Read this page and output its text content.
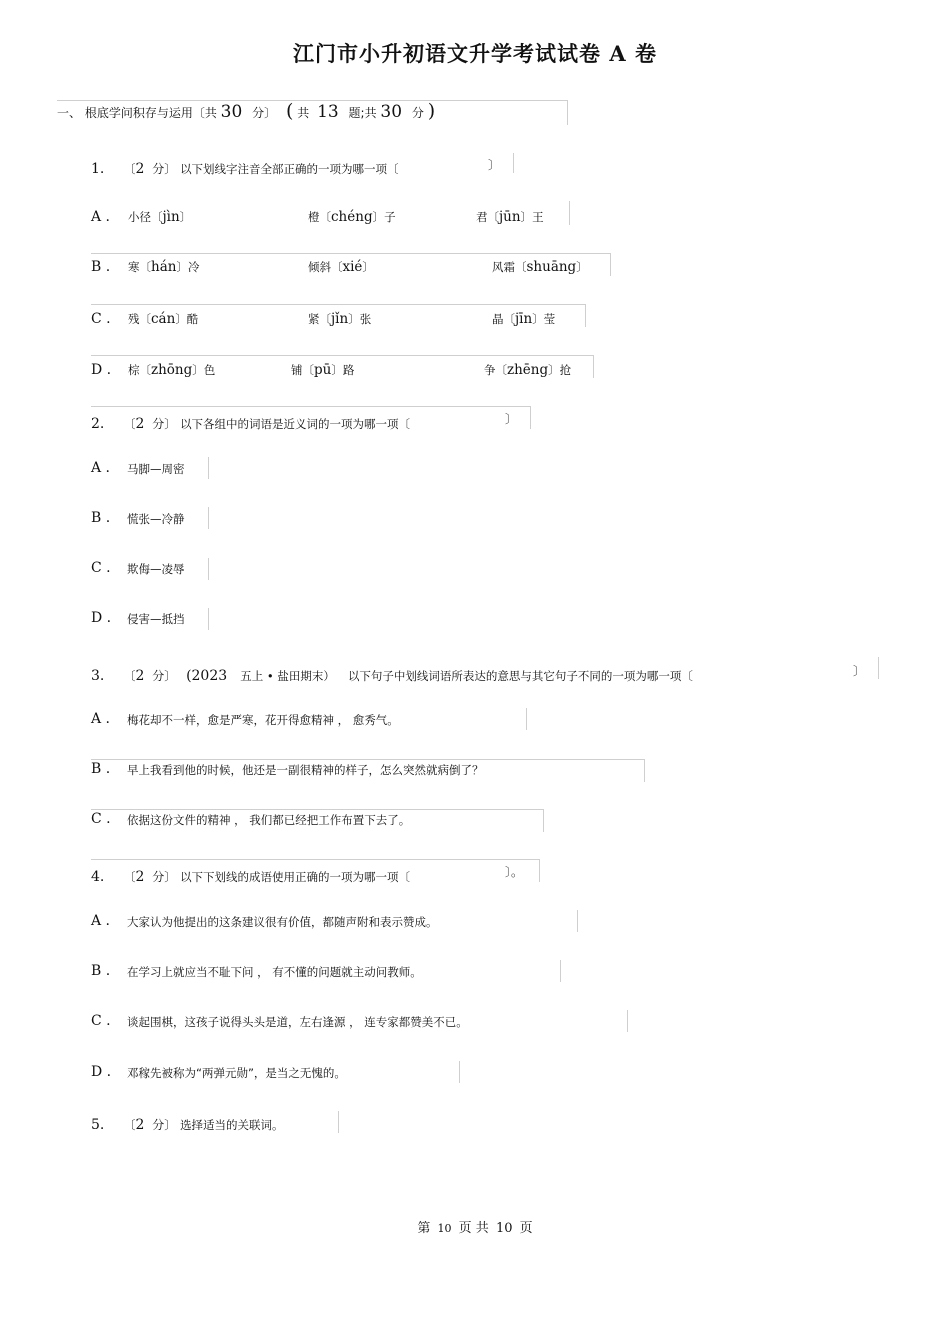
江门市小升初语文升学考试试卷 A 卷
一、 根底学问积存与运用〔共 30 分〕 ( 共 13 题;共 30 分 )
1. 〔2 分〕 以下划线字注音全部正确的一项为哪一项〔	〕
A . 小径〔jìn〕	橙〔chéng〕子	君〔jūn〕王
B . 寒〔hán〕冷	倾斜〔xié〕	风霜〔shuāng〕
C . 残〔cán〕酷	紧〔jǐn〕张	晶〔jīn〕莹
D . 棕〔zhōng〕色	铺〔pū〕路	争〔zhēng〕抢
2. 〔2 分〕 以下各组中的词语是近义词的一项为哪一项〔	〕
A . 马脚—周密
B . 慌张—冷静
C . 欺侮—凌辱
D . 侵害—抵挡
3. 〔2 分〕 (2023 五上 • 盐田期末） 以下句子中划线词语所表达的意思与其它句子不同的一项为哪一项〔	〕
A . 梅花却不一样，愈是严寒，花开得愈精神 ， 愈秀气。
B . 早上我看到他的时候，他还是一副很精神的样子，怎么突然就病倒了？
C . 依据这份文件的精神 ， 我们都已经把工作布置下去了。
4. 〔2 分〕 以下下划线的成语使用正确的一项为哪一项〔	〕。
A . 大家认为他提出的这条建议很有价值，都随声附和表示赞成。
B . 在学习上就应当不耻下问 ， 有不懂的问题就主动问教师。
C . 谈起围棋，这孩子说得头头是道，左右逢源 ， 连专家都赞美不已。
D . 邓稼先被称为“两弹元勋”，是当之无愧的。
5. 〔2 分〕 选择适当的关联词。
第 10 页 共 10 页
